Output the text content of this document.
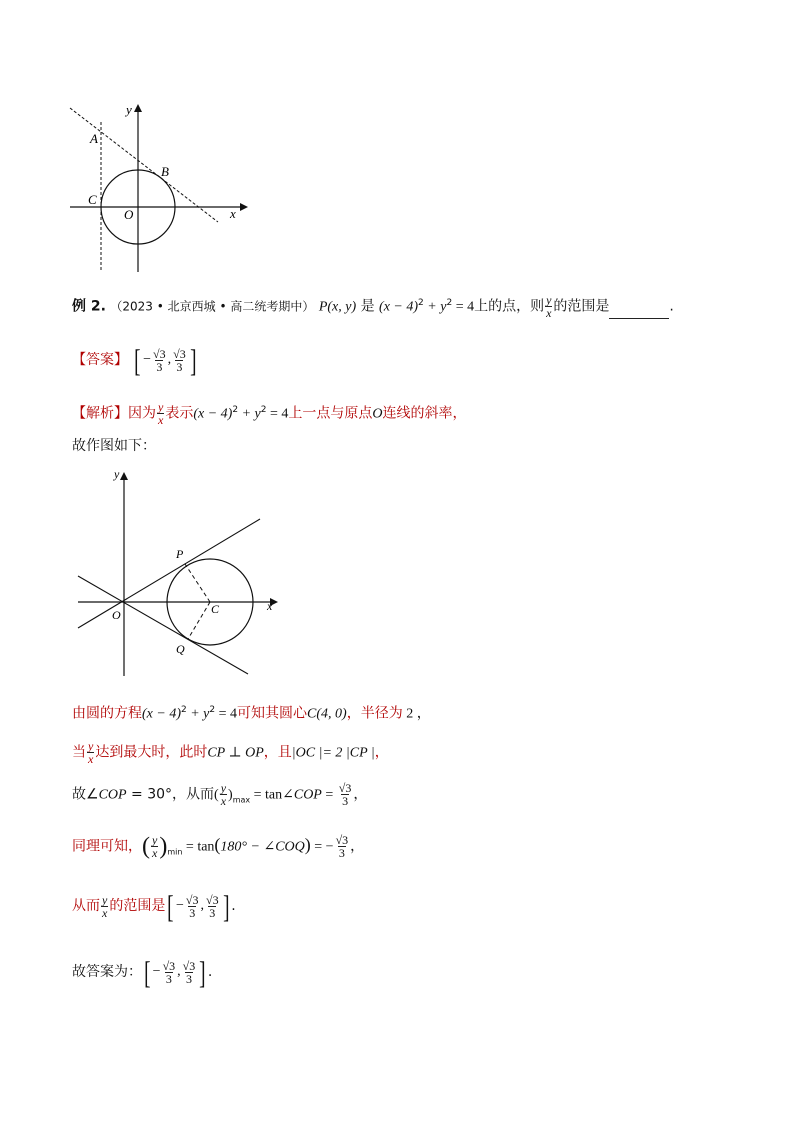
y
x
A
B
C
O
例 2. （2023 • 北京西城 • 高二统考期中） P(x, y) 是 $(x - 4)^2 + y^2 = 4$上的点，则 $\frac{y}{x}$ 的范围是	.
【答案】 [ − $\frac{√3}{3}$ , $\frac{√3}{3}$ ]
【解析】因为 $\frac{y}{x}$ 表示$(x - 4)^2 + y^2 = 4$上一点与原点O连线的斜率，
故作图如下：
y
x
P
Q
C
O
由圆的方程$(x - 4)^2 + y^2 = 4$可知其圆心C(4, 0)，半径为 2 ，
当 $\frac{y}{x}$ 达到最大时，此时CP ⊥ OP，且|OC |= 2 |CP |，
故∠COP = 30°，从而( $\frac{y}{x} )_{max}$ = tan∠COP = $\frac{√3}{3}$ ，
同理可知，( $\frac{y}{x} )_{min} = \tan(180^\circ$ − ∠COQ) = − $\frac{√3}{3}$ ，
从而 $\frac{y}{x}$ 的范围是 [ − $\frac{√3}{3}$ , $\frac{√3}{3}$ ] .
故答案为： [ − $\frac{√3}{3}$ , $\frac{√3}{3}$ ] .
